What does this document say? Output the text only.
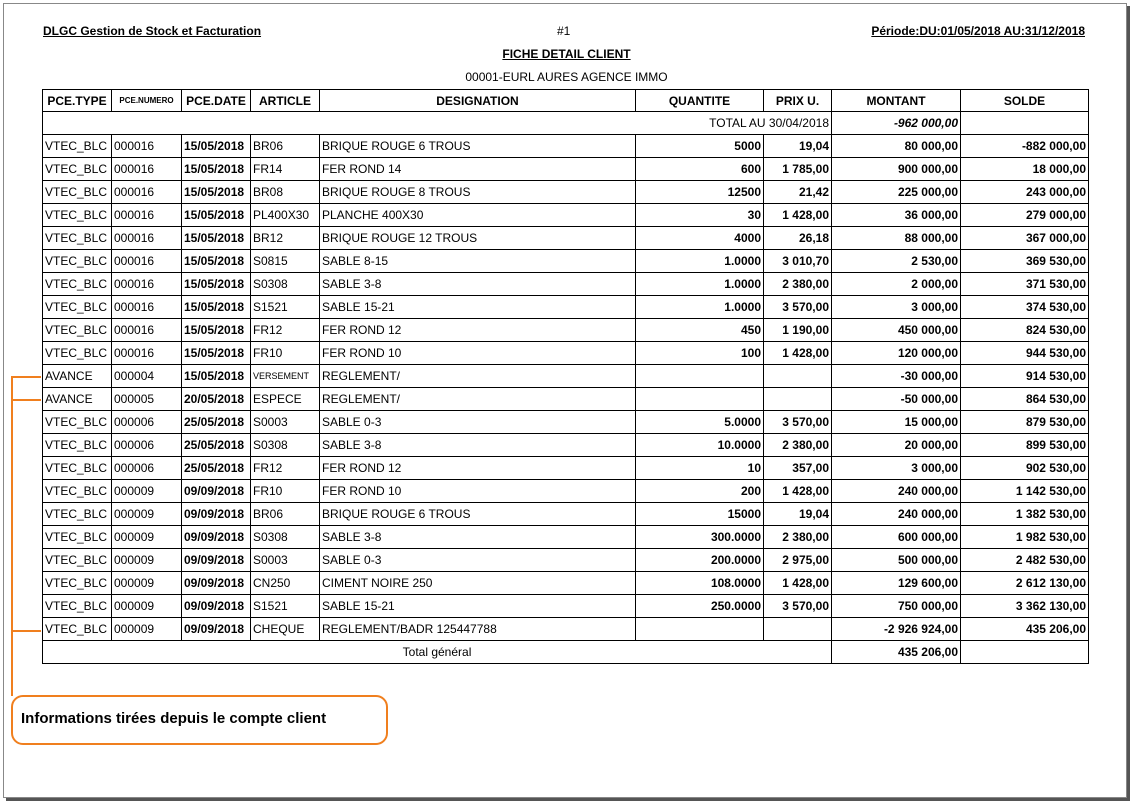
DLGC Gestion de Stock et Facturation	#1	Période:DU:01/05/2018 AU:31/12/2018
FICHE DETAIL CLIENT
00001-EURL AURES AGENCE IMMO
PCE.TYPE	PCE.NUMERO	PCE.DATE	ARTICLE	DESIGNATION	QUANTITE	PRIX U.	MONTANT	SOLDE
TOTAL AU 30/04/2018							-962 000,00	
VTEC_BLC	000016	15/05/2018	BR06	BRIQUE ROUGE 6 TROUS	5000	19,04	80 000,00	-882 000,00
VTEC_BLC	000016	15/05/2018	FR14	FER ROND 14	600	1 785,00	900 000,00	18 000,00
VTEC_BLC	000016	15/05/2018	BR08	BRIQUE ROUGE 8 TROUS	12500	21,42	225 000,00	243 000,00
VTEC_BLC	000016	15/05/2018	PL400X30	PLANCHE 400X30	30	1 428,00	36 000,00	279 000,00
VTEC_BLC	000016	15/05/2018	BR12	BRIQUE ROUGE 12 TROUS	4000	26,18	88 000,00	367 000,00
VTEC_BLC	000016	15/05/2018	S0815	SABLE 8-15	1.0000	3 010,70	2 530,00	369 530,00
VTEC_BLC	000016	15/05/2018	S0308	SABLE 3-8	1.0000	2 380,00	2 000,00	371 530,00
VTEC_BLC	000016	15/05/2018	S1521	SABLE 15-21	1.0000	3 570,00	3 000,00	374 530,00
VTEC_BLC	000016	15/05/2018	FR12	FER ROND 12	450	1 190,00	450 000,00	824 530,00
VTEC_BLC	000016	15/05/2018	FR10	FER ROND 10	100	1 428,00	120 000,00	944 530,00
AVANCE	000004	15/05/2018	VERSEMENT	REGLEMENT/			-30 000,00	914 530,00
AVANCE	000005	20/05/2018	ESPECE	REGLEMENT/			-50 000,00	864 530,00
VTEC_BLC	000006	25/05/2018	S0003	SABLE 0-3	5.0000	3 570,00	15 000,00	879 530,00
VTEC_BLC	000006	25/05/2018	S0308	SABLE 3-8	10.0000	2 380,00	20 000,00	899 530,00
VTEC_BLC	000006	25/05/2018	FR12	FER ROND 12	10	357,00	3 000,00	902 530,00
VTEC_BLC	000009	09/09/2018	FR10	FER ROND 10	200	1 428,00	240 000,00	1 142 530,00
VTEC_BLC	000009	09/09/2018	BR06	BRIQUE ROUGE 6 TROUS	15000	19,04	240 000,00	1 382 530,00
VTEC_BLC	000009	09/09/2018	S0308	SABLE 3-8	300.0000	2 380,00	600 000,00	1 982 530,00
VTEC_BLC	000009	09/09/2018	S0003	SABLE 0-3	200.0000	2 975,00	500 000,00	2 482 530,00
VTEC_BLC	000009	09/09/2018	CN250	CIMENT NOIRE 250	108.0000	1 428,00	129 600,00	2 612 130,00
VTEC_BLC	000009	09/09/2018	S1521	SABLE 15-21	250.0000	3 570,00	750 000,00	3 362 130,00
VTEC_BLC	000009	09/09/2018	CHEQUE	REGLEMENT/BADR 125447788			-2 926 924,00	435 206,00
Total général							435 206,00	
Informations tirées depuis le compte client
